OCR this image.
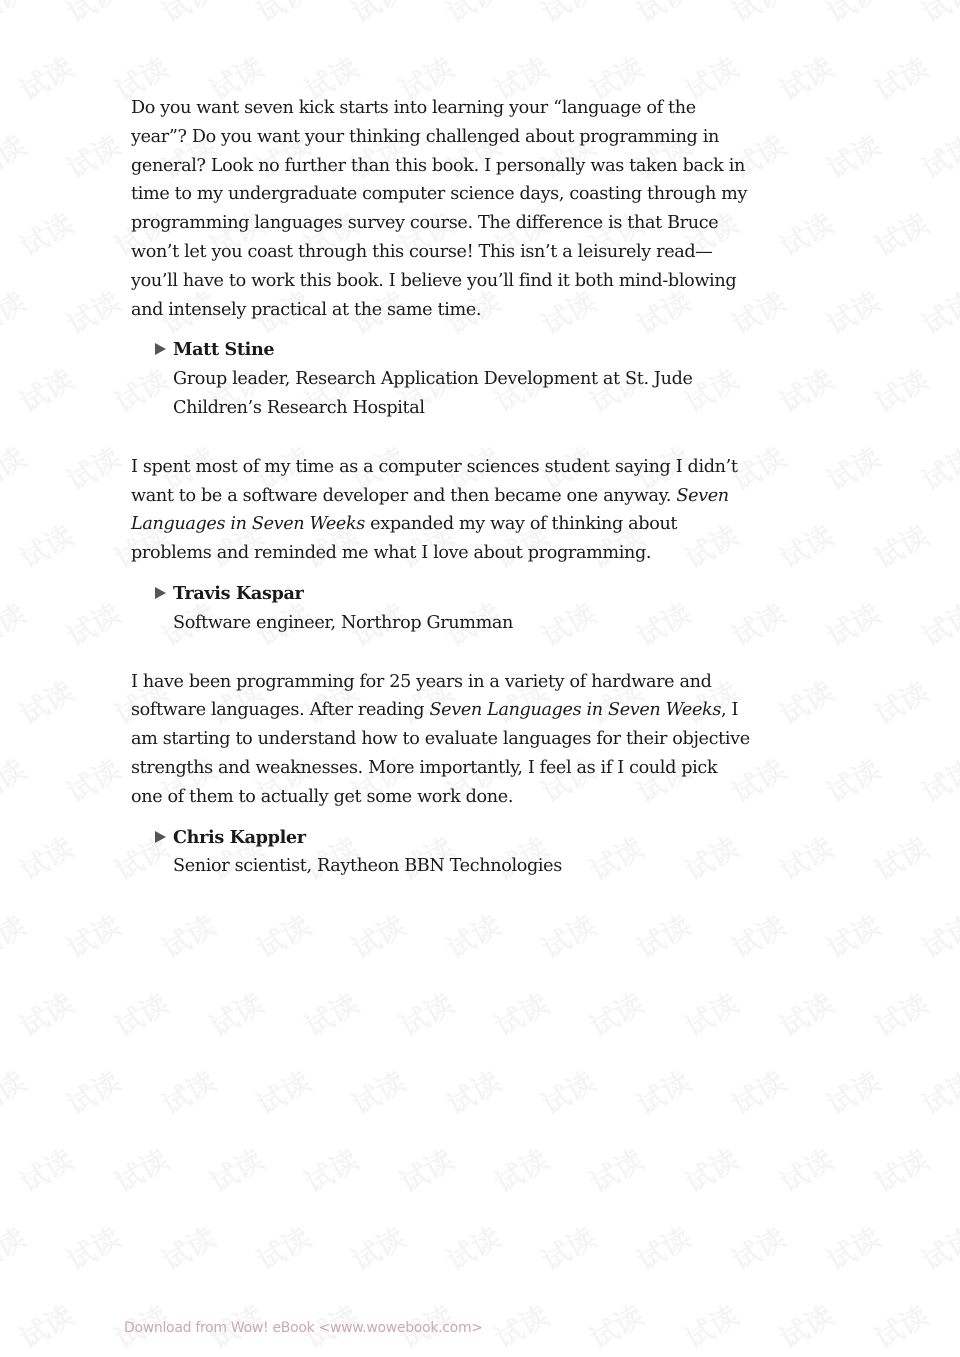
Do you want seven kick starts into learning your “language of the year”? Do you want your thinking challenged about programming in general? Look no further than this book. I personally was taken back in time to my undergraduate computer science days, coasting through my programming languages survey course. The difference is that Bruce won’t let you coast through this course! This isn’t a leisurely read—you’ll have to work this book. I believe you’ll find it both mind-blowing and intensely practical at the same time.

Matt Stine
Group leader, Research Application Development at St. Jude Children’s Research Hospital

I spent most of my time as a computer sciences student saying I didn’t want to be a software developer and then became one anyway. Seven Languages in Seven Weeks expanded my way of thinking about problems and reminded me what I love about programming.

Travis Kaspar
Software engineer, Northrop Grumman

I have been programming for 25 years in a variety of hardware and software languages. After reading Seven Languages in Seven Weeks, I am starting to understand how to evaluate languages for their objective strengths and weaknesses. More importantly, I feel as if I could pick one of them to actually get some work done.

Chris Kappler
Senior scientist, Raytheon BBN Technologies
Download from Wow! eBook <www.wowebook.com>
